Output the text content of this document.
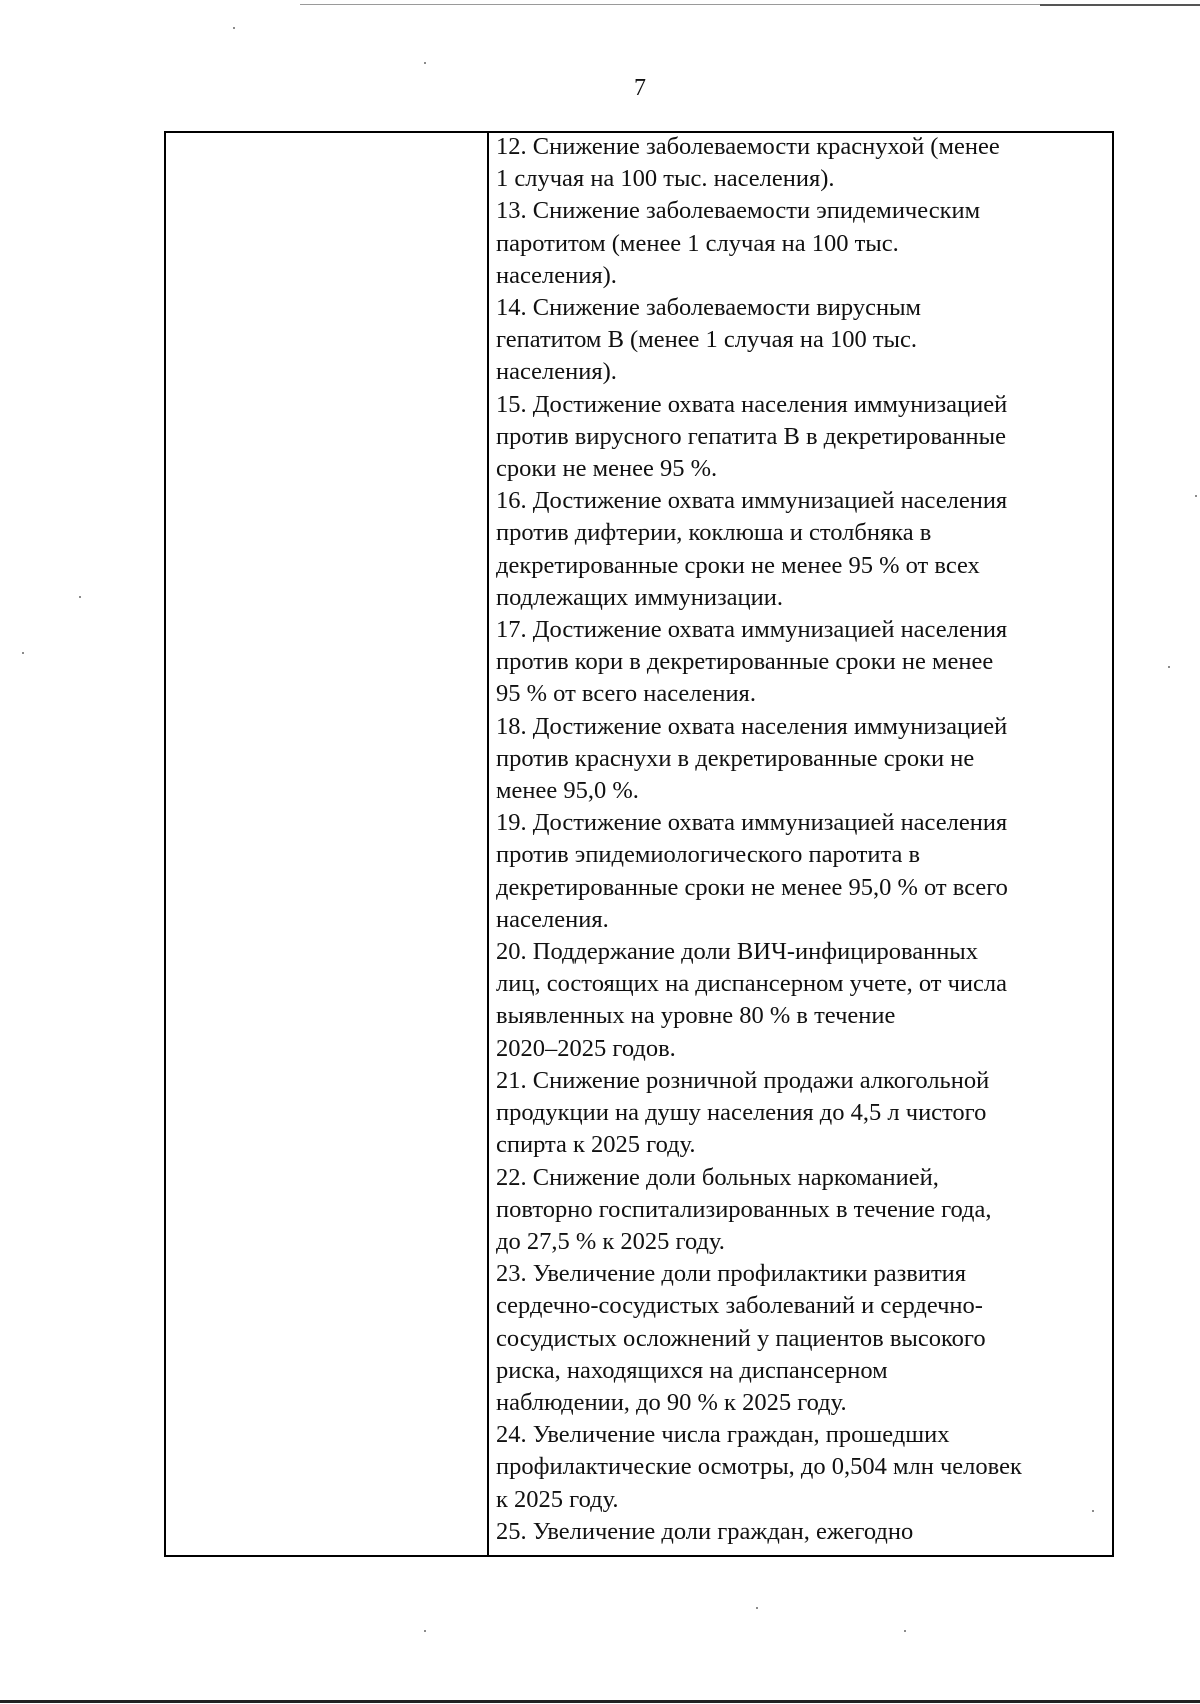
7
12. Снижение заболеваемости краснухой (менее
1 случая на 100 тыс. населения).
13. Снижение заболеваемости эпидемическим
паротитом (менее 1 случая на 100 тыс.
населения).
14. Снижение заболеваемости вирусным
гепатитом В (менее 1 случая на 100 тыс.
населения).
15. Достижение охвата населения иммунизацией
против вирусного гепатита В в декретированные
сроки не менее 95 %.
16. Достижение охвата иммунизацией населения
против дифтерии, коклюша и столбняка в
декретированные сроки не менее 95 % от всех
подлежащих иммунизации.
17. Достижение охвата иммунизацией населения
против кори в декретированные сроки не менее
95 % от всего населения.
18. Достижение охвата населения иммунизацией
против краснухи в декретированные сроки не
менее 95,0 %.
19. Достижение охвата иммунизацией населения
против эпидемиологического паротита в
декретированные сроки не менее 95,0 % от всего
населения.
20. Поддержание доли ВИЧ-инфицированных
лиц, состоящих на диспансерном учете, от числа
выявленных на уровне 80 % в течение
2020–2025 годов.
21. Снижение розничной продажи алкогольной
продукции на душу населения до 4,5 л чистого
спирта к 2025 году.
22. Снижение доли больных наркоманией,
повторно госпитализированных в течение года,
до 27,5 % к 2025 году.
23. Увеличение доли профилактики развития
сердечно-сосудистых заболеваний и сердечно-
сосудистых осложнений у пациентов высокого
риска, находящихся на диспансерном
наблюдении, до 90 % к 2025 году.
24. Увеличение числа граждан, прошедших
профилактические осмотры, до 0,504 млн человек
к 2025 году.
25. Увеличение доли граждан, ежегодно
